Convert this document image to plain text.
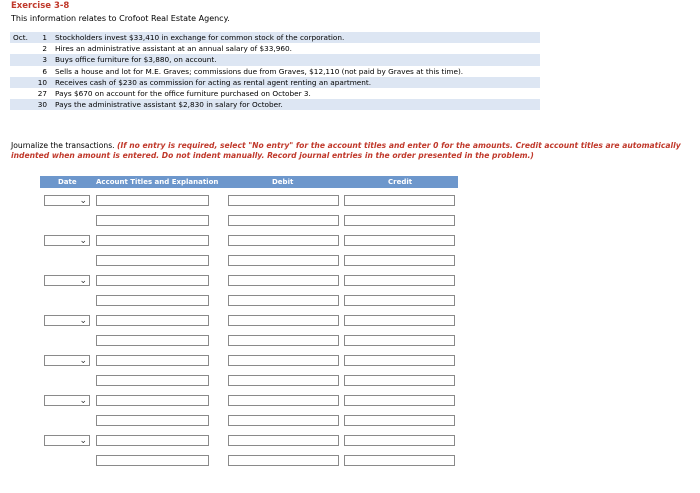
Exercise 3-8
This information relates to Crofoot Real Estate Agency.
Oct.	1	Stockholders invest $33,410 in exchange for common stock of the corporation.
	2	Hires an administrative assistant at an annual salary of $33,960.
	3	Buys office furniture for $3,880, on account.
	6	Sells a house and lot for M.E. Graves; commissions due from Graves, $12,110 (not paid by Graves at this time).
	10	Receives cash of $230 as commission for acting as rental agent renting an apartment.
	27	Pays $670 on account for the office furniture purchased on October 3.
	30	Pays the administrative assistant $2,830 in salary for October.
Journalize the transactions. (If no entry is required, select "No entry" for the account titles and enter 0 for the amounts. Credit account titles are automatically indented when amount is entered. Do not indent manually. Record journal entries in the order presented in the problem.)
Date	Account Titles and Explanation	Debit	Credit
⌄
⌄
⌄
⌄
⌄
⌄
⌄
